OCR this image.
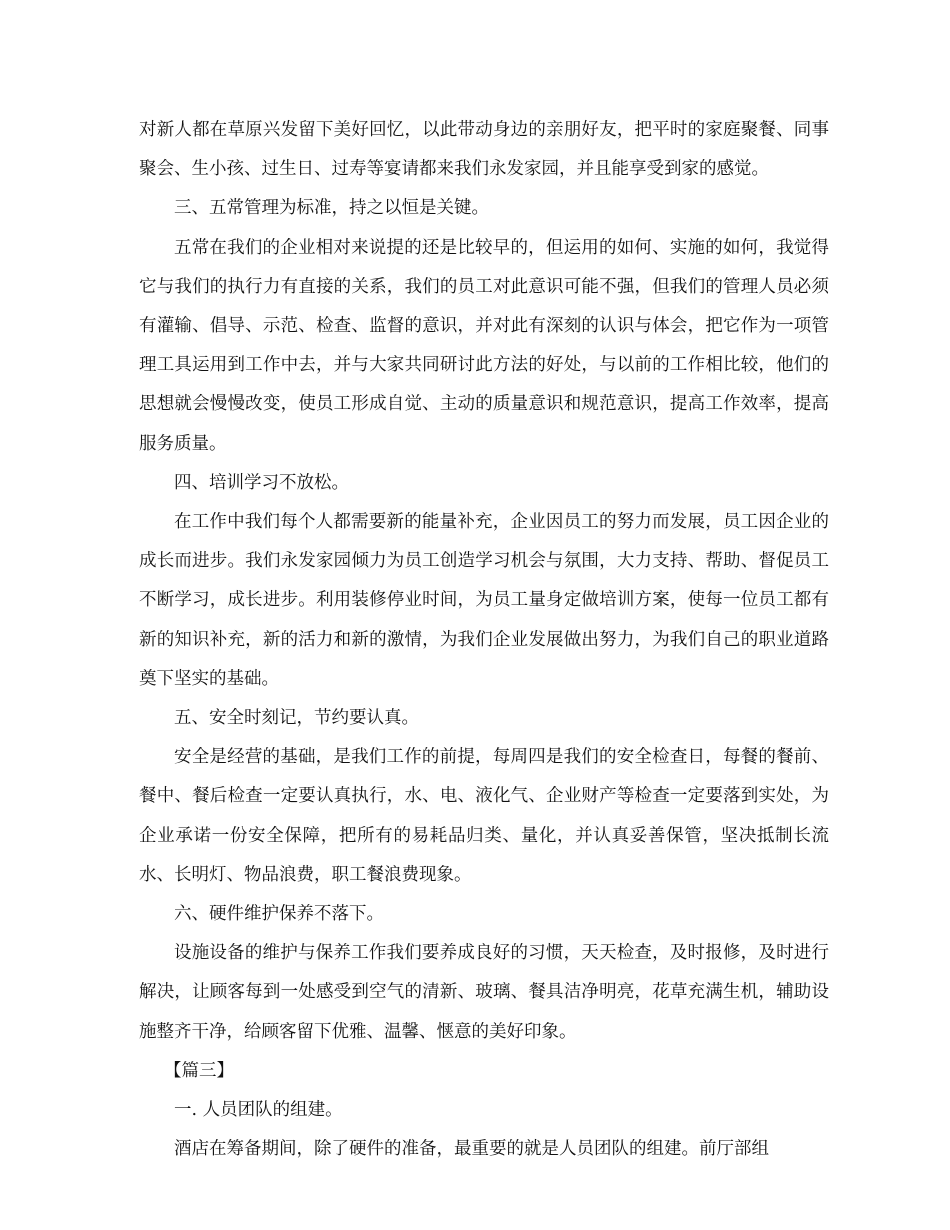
对新人都在草原兴发留下美好回忆，以此带动身边的亲朋好友，把平时的家庭聚餐、同事聚会、生小孩、过生日、过寿等宴请都来我们永发家园，并且能享受到家的感觉。

三、五常管理为标准，持之以恒是关键。

五常在我们的企业相对来说提的还是比较早的，但运用的如何、实施的如何，我觉得它与我们的执行力有直接的关系，我们的员工对此意识可能不强，但我们的管理人员必须有灌输、倡导、示范、检查、监督的意识，并对此有深刻的认识与体会，把它作为一项管理工具运用到工作中去，并与大家共同研讨此方法的好处，与以前的工作相比较，他们的思想就会慢慢改变，使员工形成自觉、主动的质量意识和规范意识，提高工作效率，提高服务质量。

四、培训学习不放松。

在工作中我们每个人都需要新的能量补充，企业因员工的努力而发展，员工因企业的成长而进步。我们永发家园倾力为员工创造学习机会与氛围，大力支持、帮助、督促员工不断学习，成长进步。利用装修停业时间，为员工量身定做培训方案，使每一位员工都有新的知识补充，新的活力和新的激情，为我们企业发展做出努力，为我们自己的职业道路奠下坚实的基础。

五、安全时刻记，节约要认真。

安全是经营的基础，是我们工作的前提，每周四是我们的安全检查日，每餐的餐前、餐中、餐后检查一定要认真执行，水、电、液化气、企业财产等检查一定要落到实处，为企业承诺一份安全保障，把所有的易耗品归类、量化，并认真妥善保管，坚决抵制长流水、长明灯、物品浪费，职工餐浪费现象。

六、硬件维护保养不落下。

设施设备的维护与保养工作我们要养成良好的习惯，天天检查，及时报修，及时进行解决，让顾客每到一处感受到空气的清新、玻璃、餐具洁净明亮，花草充满生机，辅助设施整齐干净，给顾客留下优雅、温馨、惬意的美好印象。

【篇三】

一. 人员团队的组建。

酒店在筹备期间，除了硬件的准备，最重要的就是人员团队的组建。前厅部组
